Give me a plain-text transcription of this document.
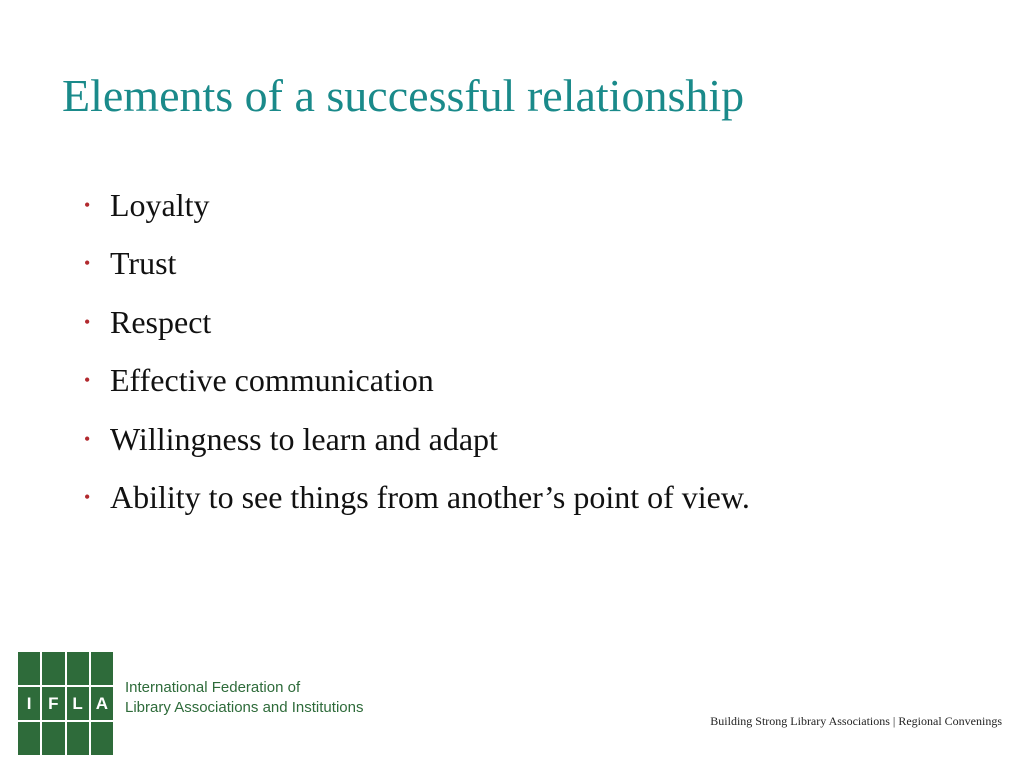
Elements of a successful relationship
• Loyalty
• Trust
• Respect
• Effective communication
• Willingness to learn and adapt
• Ability to see things from another’s point of view.
I F L A
International Federation of
Library Associations and Institutions
Building Strong Library Associations | Regional Convenings
